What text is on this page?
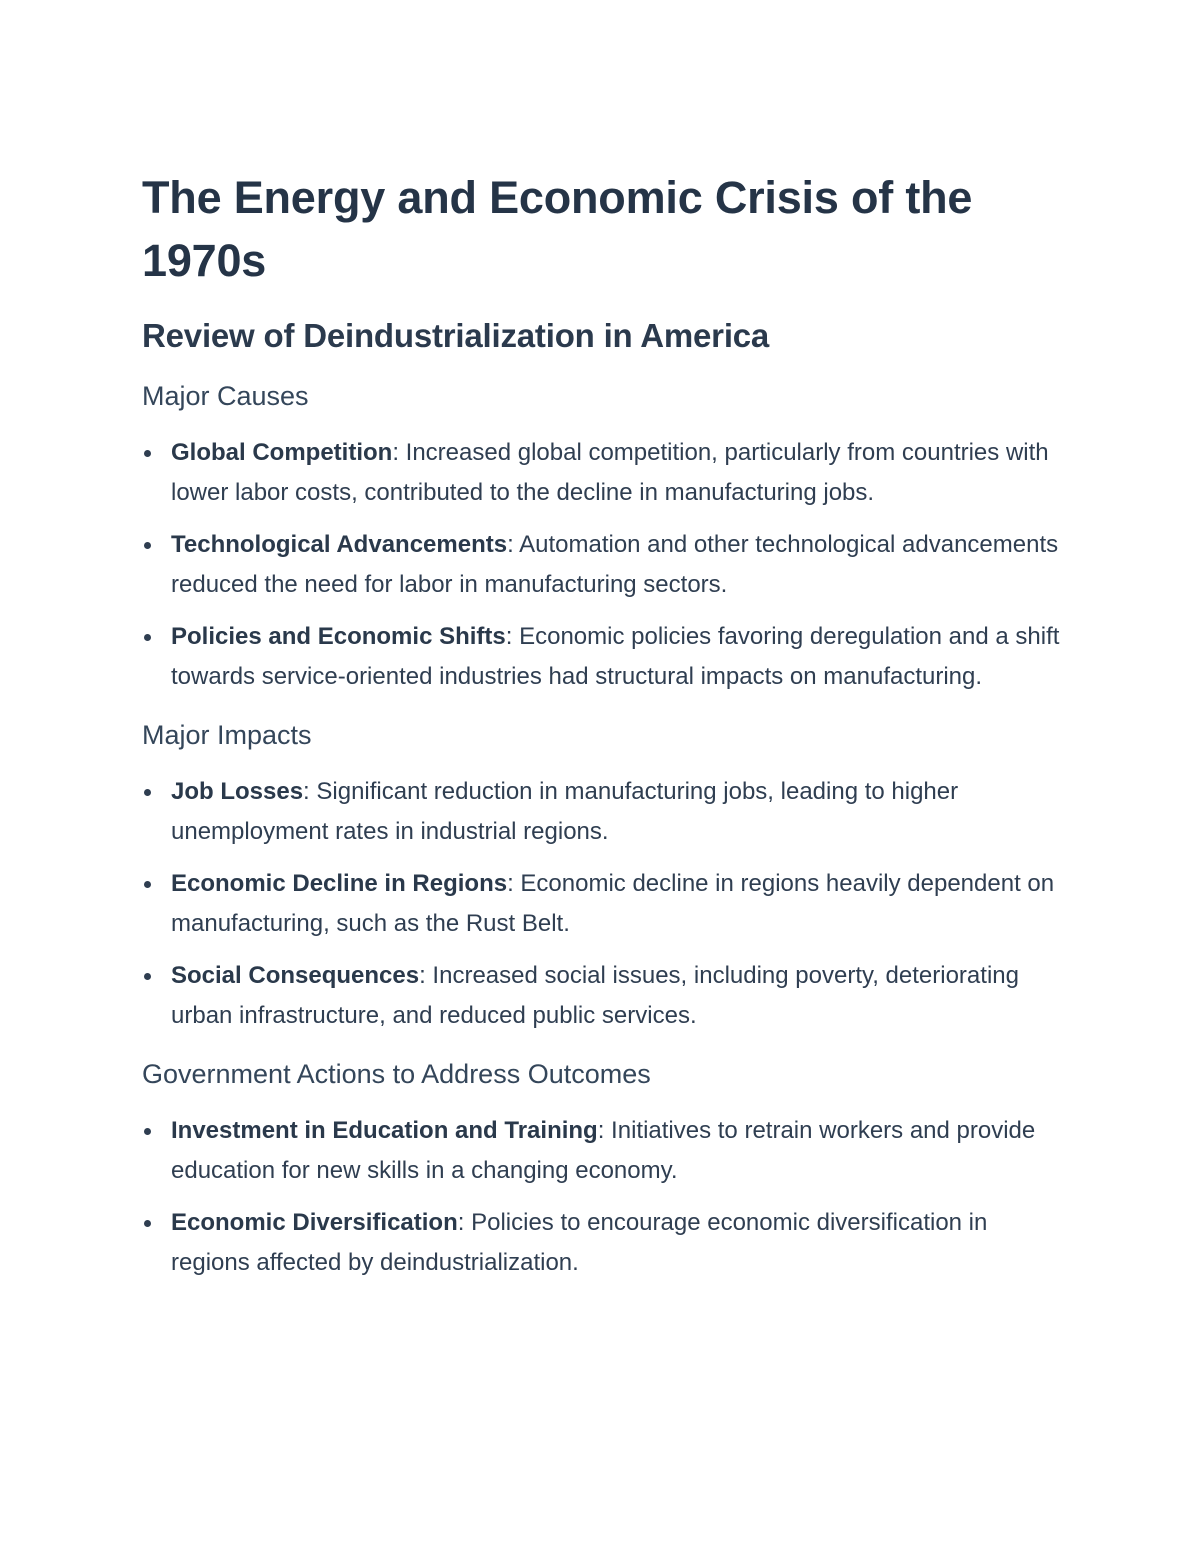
The Energy and Economic Crisis of the 1970s
Review of Deindustrialization in America
Major Causes
Global Competition: Increased global competition, particularly from countries with lower labor costs, contributed to the decline in manufacturing jobs.
Technological Advancements: Automation and other technological advancements reduced the need for labor in manufacturing sectors.
Policies and Economic Shifts: Economic policies favoring deregulation and a shift towards service-oriented industries had structural impacts on manufacturing.
Major Impacts
Job Losses: Significant reduction in manufacturing jobs, leading to higher unemployment rates in industrial regions.
Economic Decline in Regions: Economic decline in regions heavily dependent on manufacturing, such as the Rust Belt.
Social Consequences: Increased social issues, including poverty, deteriorating urban infrastructure, and reduced public services.
Government Actions to Address Outcomes
Investment in Education and Training: Initiatives to retrain workers and provide education for new skills in a changing economy.
Economic Diversification: Policies to encourage economic diversification in regions affected by deindustrialization.
